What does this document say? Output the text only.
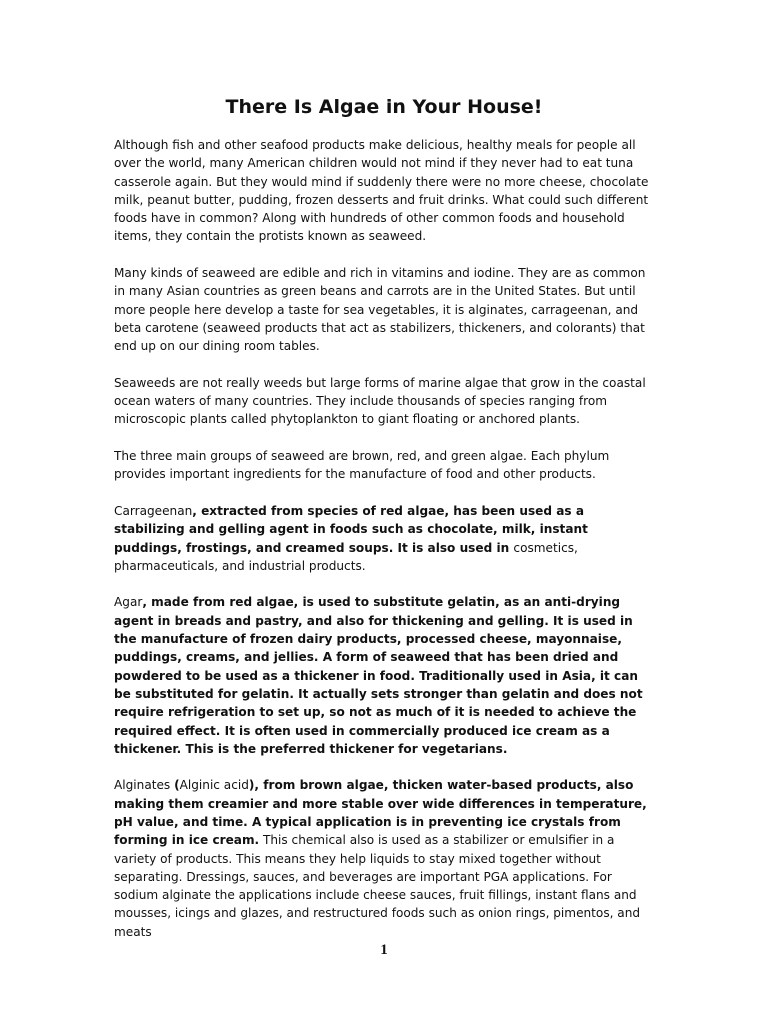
There Is Algae in Your House!

Although fish and other seafood products make delicious, healthy meals for people all over the world, many American children would not mind if they never had to eat tuna casserole again. But they would mind if suddenly there were no more cheese, chocolate milk, peanut butter, pudding, frozen desserts and fruit drinks. What could such different foods have in common? Along with hundreds of other common foods and household items, they contain the protists known as seaweed.

Many kinds of seaweed are edible and rich in vitamins and iodine. They are as common in many Asian countries as green beans and carrots are in the United States. But until more people here develop a taste for sea vegetables, it is alginates, carrageenan, and beta carotene (seaweed products that act as stabilizers, thickeners, and colorants) that end up on our dining room tables.

Seaweeds are not really weeds but large forms of marine algae that grow in the coastal ocean waters of many countries. They include thousands of species ranging from microscopic plants called phytoplankton to giant floating or anchored plants.

The three main groups of seaweed are brown, red, and green algae. Each phylum provides important ingredients for the manufacture of food and other products.

Carrageenan, extracted from species of red algae, has been used as a stabilizing and gelling agent in foods such as chocolate, milk, instant puddings, frostings, and creamed soups. It is also used in cosmetics, pharmaceuticals, and industrial products.

Agar, made from red algae, is used to substitute gelatin, as an anti-drying agent in breads and pastry, and also for thickening and gelling. It is used in the manufacture of frozen dairy products, processed cheese, mayonnaise, puddings, creams, and jellies. A form of seaweed that has been dried and powdered to be used as a thickener in food. Traditionally used in Asia, it can be substituted for gelatin. It actually sets stronger than gelatin and does not require refrigeration to set up, so not as much of it is needed to achieve the required effect. It is often used in commercially produced ice cream as a thickener. This is the preferred thickener for vegetarians.

Alginates (Alginic acid), from brown algae, thicken water-based products, also making them creamier and more stable over wide differences in temperature, pH value, and time. A typical application is in preventing ice crystals from forming in ice cream. This chemical also is used as a stabilizer or emulsifier in a variety of products. This means they help liquids to stay mixed together without separating. Dressings, sauces, and beverages are important PGA applications. For sodium alginate the applications include cheese sauces, fruit fillings, instant flans and mousses, icings and glazes, and restructured foods such as onion rings, pimentos, and meats

1
